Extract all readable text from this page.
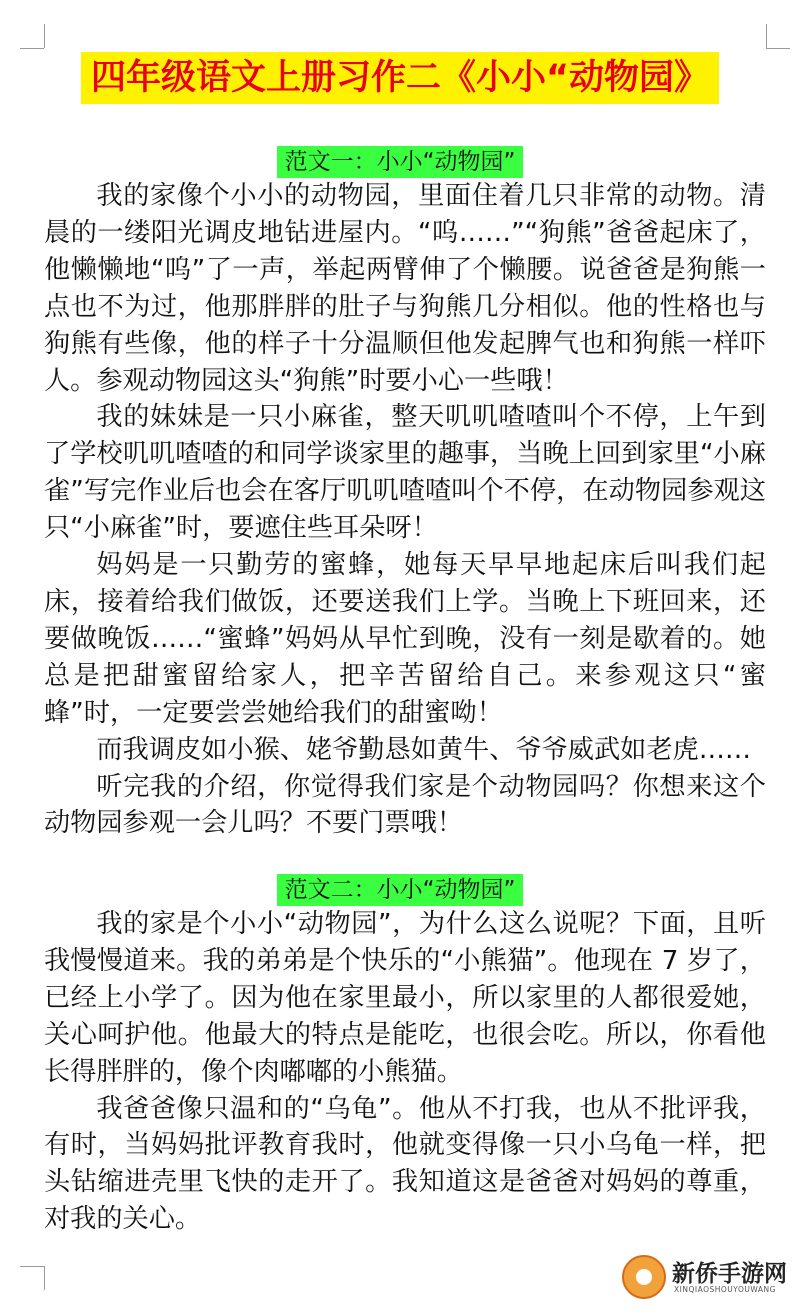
四年级语文上册习作二《小小“动物园》
范文一：小小“动物园”

我的家像个小小的动物园，里面住着几只非常的动物。清晨的一缕阳光调皮地钻进屋内。“呜……”“狗熊”爸爸起床了，他懒懒地“呜”了一声，举起两臂伸了个懒腰。说爸爸是狗熊一点也不为过，他那胖胖的肚子与狗熊几分相似。他的性格也与狗熊有些像，他的样子十分温顺但他发起脾气也和狗熊一样吓人。参观动物园这头“狗熊”时要小心一些哦！

我的妹妹是一只小麻雀，整天叽叽喳喳叫个不停，上午到了学校叽叽喳喳的和同学谈家里的趣事，当晚上回到家里“小麻雀”写完作业后也会在客厅叽叽喳喳叫个不停，在动物园参观这只“小麻雀”时，要遮住些耳朵呀！

妈妈是一只勤劳的蜜蜂，她每天早早地起床后叫我们起床，接着给我们做饭，还要送我们上学。当晚上下班回来，还要做晚饭……“蜜蜂”妈妈从早忙到晚，没有一刻是歇着的。她总是把甜蜜留给家人，把辛苦留给自己。来参观这只“蜜蜂”时，一定要尝尝她给我们的甜蜜呦！

而我调皮如小猴、姥爷勤恳如黄牛、爷爷威武如老虎……

听完我的介绍，你觉得我们家是个动物园吗？你想来这个动物园参观一会儿吗？不要门票哦！

范文二：小小“动物园”

我的家是个小小“动物园”，为什么这么说呢？下面，且听我慢慢道来。我的弟弟是个快乐的“小熊猫”。他现在 7 岁了，已经上小学了。因为他在家里最小，所以家里的人都很爱她，关心呵护他。他最大的特点是能吃，也很会吃。所以，你看他长得胖胖的，像个肉嘟嘟的小熊猫。

我爸爸像只温和的“乌龟”。他从不打我，也从不批评我，有时，当妈妈批评教育我时，他就变得像一只小乌龟一样，把头钻缩进壳里飞快的走开了。我知道这是爸爸对妈妈的尊重，对我的关心。

新侨手游网
XINQIAOSHOUYOUWANG
